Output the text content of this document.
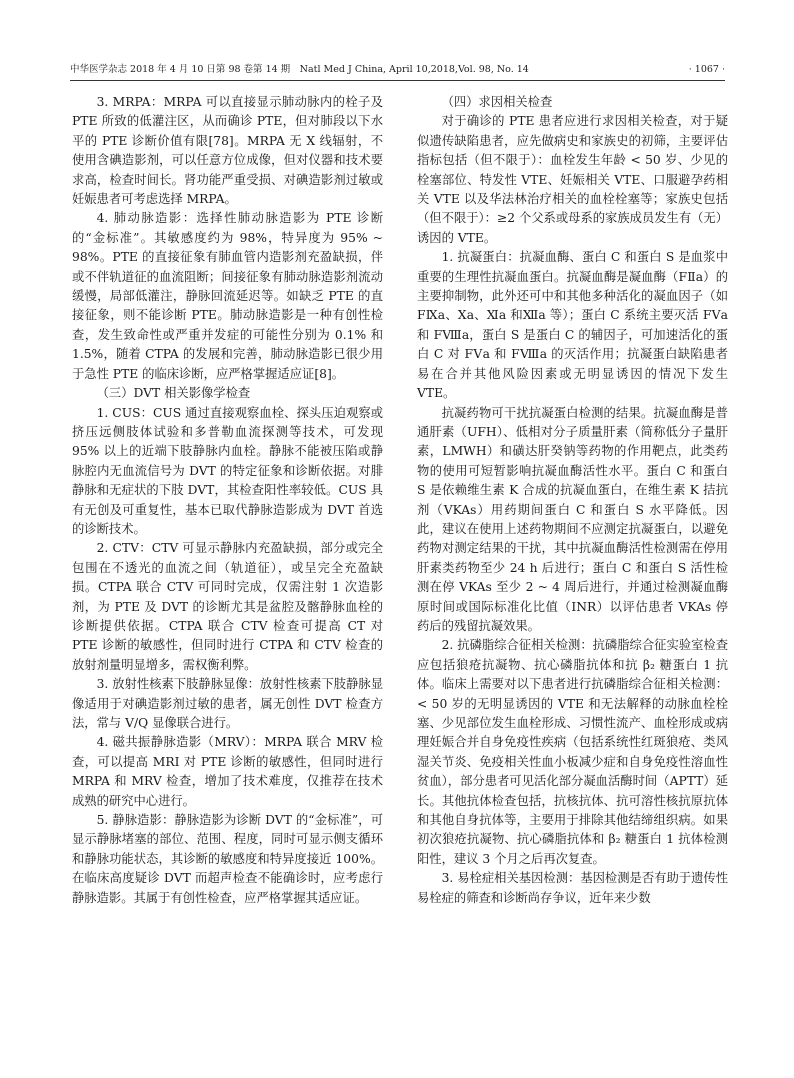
中华医学杂志 2018 年 4 月 10 日第 98 卷第 14 期　Natl Med J China, April 10,2018,Vol. 98, No. 14	· 1067 ·

3. MRPA：MRPA 可以直接显示肺动脉内的栓子及 PTE 所致的低灌注区，从而确诊 PTE，但对肺段以下水平的 PTE 诊断价值有限[78]。MRPA 无 X 线辐射，不使用含碘造影剂，可以任意方位成像，但对仪器和技术要求高，检查时间长。肾功能严重受损、对碘造影剂过敏或妊娠患者可考虑选择 MRPA。

4. 肺动脉造影：选择性肺动脉造影为 PTE 诊断的“金标准”。其敏感度约为 98%，特异度为 95% ~ 98%。PTE 的直接征象有肺血管内造影剂充盈缺损，伴或不伴轨道征的血流阻断；间接征象有肺动脉造影剂流动缓慢，局部低灌注，静脉回流延迟等。如缺乏 PTE 的直接征象，则不能诊断 PTE。肺动脉造影是一种有创性检查，发生致命性或严重并发症的可能性分别为 0.1% 和 1.5%，随着 CTPA 的发展和完善，肺动脉造影已很少用于急性 PTE 的临床诊断，应严格掌握适应证[8]。

（三）DVT 相关影像学检查

1. CUS：CUS 通过直接观察血栓、探头压迫观察或挤压远侧肢体试验和多普勒血流探测等技术，可发现 95% 以上的近端下肢静脉内血栓。静脉不能被压陷或静脉腔内无血流信号为 DVT 的特定征象和诊断依据。对腓静脉和无症状的下肢 DVT，其检查阳性率较低。CUS 具有无创及可重复性，基本已取代静脉造影成为 DVT 首选的诊断技术。

2. CTV：CTV 可显示静脉内充盈缺损，部分或完全包围在不透光的血流之间（轨道征），或呈完全充盈缺损。CTPA 联合 CTV 可同时完成，仅需注射 1 次造影剂，为 PTE 及 DVT 的诊断尤其是盆腔及髂静脉血栓的诊断提供依据。CTPA 联合 CTV 检查可提高 CT 对 PTE 诊断的敏感性，但同时进行 CTPA 和 CTV 检查的放射剂量明显增多，需权衡利弊。

3. 放射性核素下肢静脉显像：放射性核素下肢静脉显像适用于对碘造影剂过敏的患者，属无创性 DVT 检查方法，常与 V/Q 显像联合进行。

4. 磁共振静脉造影（MRV）：MRPA 联合 MRV 检查，可以提高 MRI 对 PTE 诊断的敏感性，但同时进行 MRPA 和 MRV 检查，增加了技术难度，仅推荐在技术成熟的研究中心进行。

5. 静脉造影：静脉造影为诊断 DVT 的“金标准”，可显示静脉堵塞的部位、范围、程度，同时可显示侧支循环和静脉功能状态，其诊断的敏感度和特异度接近 100%。在临床高度疑诊 DVT 而超声检查不能确诊时，应考虑行静脉造影。其属于有创性检查，应严格掌握其适应证。

（四）求因相关检查

对于确诊的 PTE 患者应进行求因相关检查，对于疑似遗传缺陷患者，应先做病史和家族史的初筛，主要评估指标包括（但不限于）：血栓发生年龄 < 50 岁、少见的栓塞部位、特发性 VTE、妊娠相关 VTE、口服避孕药相关 VTE 以及华法林治疗相关的血栓栓塞等；家族史包括（但不限于）：≥2 个父系或母系的家族成员发生有（无）诱因的 VTE。

1. 抗凝蛋白：抗凝血酶、蛋白 C 和蛋白 S 是血浆中重要的生理性抗凝血蛋白。抗凝血酶是凝血酶（FⅡa）的主要抑制物，此外还可中和其他多种活化的凝血因子（如 FⅨa、Ⅹa、Ⅺa 和Ⅻa 等）；蛋白 C 系统主要灭活 FⅤa 和 FⅧa，蛋白 S 是蛋白 C 的辅因子，可加速活化的蛋白 C 对 FⅤa 和 FⅧa 的灭活作用；抗凝蛋白缺陷患者易在合并其他风险因素或无明显诱因的情况下发生 VTE。

抗凝药物可干扰抗凝蛋白检测的结果。抗凝血酶是普通肝素（UFH）、低相对分子质量肝素（简称低分子量肝素，LMWH）和磺达肝癸钠等药物的作用靶点，此类药物的使用可短暂影响抗凝血酶活性水平。蛋白 C 和蛋白 S 是依赖维生素 K 合成的抗凝血蛋白，在维生素 K 拮抗剂（VKAs）用药期间蛋白 C 和蛋白 S 水平降低。因此，建议在使用上述药物期间不应测定抗凝蛋白，以避免药物对测定结果的干扰，其中抗凝血酶活性检测需在停用肝素类药物至少 24 h 后进行；蛋白 C 和蛋白 S 活性检测在停 VKAs 至少 2 ~ 4 周后进行，并通过检测凝血酶原时间或国际标准化比值（INR）以评估患者 VKAs 停药后的残留抗凝效果。

2. 抗磷脂综合征相关检测：抗磷脂综合征实验室检查应包括狼疮抗凝物、抗心磷脂抗体和抗 β₂ 糖蛋白 1 抗体。临床上需要对以下患者进行抗磷脂综合征相关检测：< 50 岁的无明显诱因的 VTE 和无法解释的动脉血栓栓塞、少见部位发生血栓形成、习惯性流产、血栓形成或病理妊娠合并自身免疫性疾病（包括系统性红斑狼疮、类风湿关节炎、免疫相关性血小板减少症和自身免疫性溶血性贫血），部分患者可见活化部分凝血活酶时间（APTT）延长。其他抗体检查包括，抗核抗体、抗可溶性核抗原抗体和其他自身抗体等，主要用于排除其他结缔组织病。如果初次狼疮抗凝物、抗心磷脂抗体和 β₂ 糖蛋白 1 抗体检测阳性，建议 3 个月之后再次复查。

3. 易栓症相关基因检测：基因检测是否有助于遗传性易栓症的筛查和诊断尚存争议，近年来少数
